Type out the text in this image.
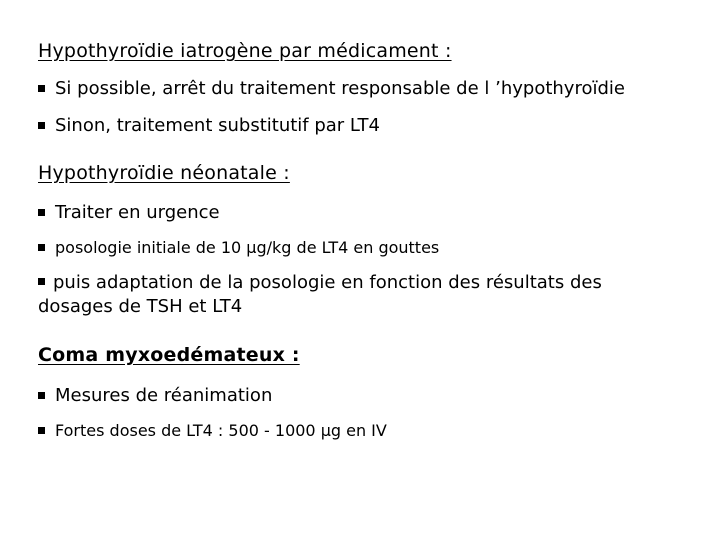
Hypothyroïdie iatrogène par médicament :

Si possible, arrêt du traitement responsable de l ’hypothyroïdie

Sinon, traitement substitutif par LT4

Hypothyroïdie néonatale :

Traiter en urgence

posologie initiale de 10 µg/kg de LT4 en gouttes

puis adaptation de la posologie en fonction des résultats des dosages de TSH et LT4

Coma myxoedémateux :

Mesures de réanimation

Fortes doses de LT4 : 500 - 1000 µg en IV
